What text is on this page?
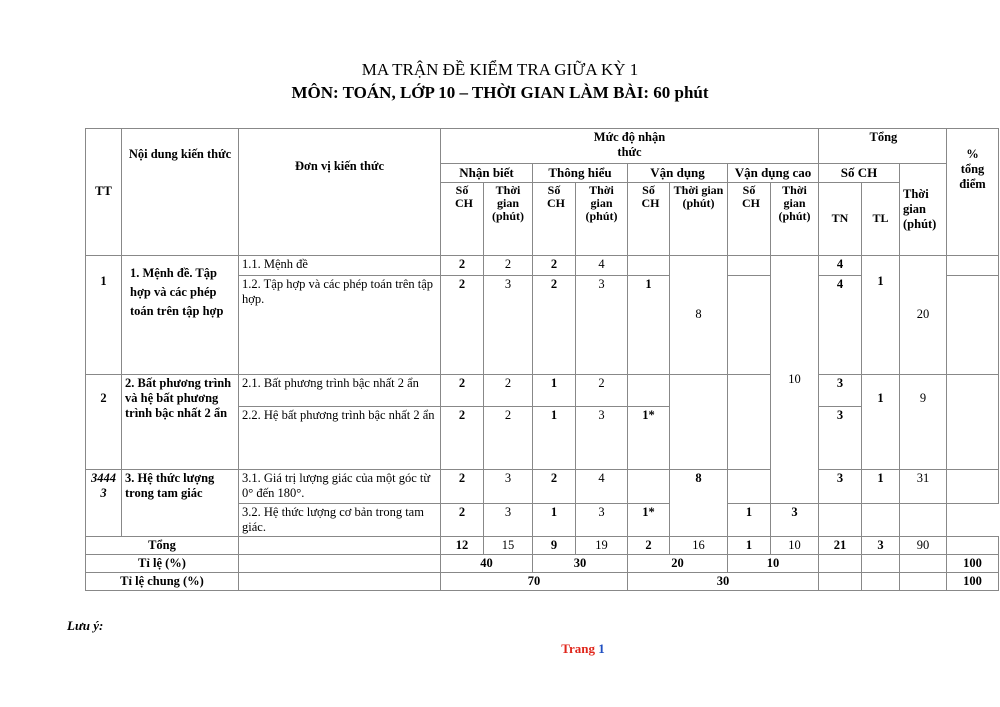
MA TRẬN ĐỀ KIỂM TRA GIỮA KỲ 1
MÔN: TOÁN, LỚP 10 – THỜI GIAN LÀM BÀI: 60 phút
TT	Nội dung kiến thức	Đơn vị kiến thức	Mức độ nhận thức								Tổng			% tổng điểm

			Nhận biết		Thông hiểu		Vận dụng		Vận dụng cao		Số CH		Thời gian (phút)	

			Số CH	Thời gian (phút)	Số CH	Thời gian (phút)	Số CH	Thời gian (phút)	Số CH	Thời gian (phút)	TN	TL		
1	1. Mệnh đề. Tập hợp và các phép toán trên tập hợp	1.1. Mệnh đề	2	2	2	4		8		10	4	1	20	
		1.2. Tập hợp và các phép toán trên tập hợp.	2	3	2	3	1				4			
2	2. Bất phương trình và hệ bất phương trình bậc nhất 2 ẩn	2.1. Bất phương trình bậc nhất 2 ẩn	2	2	1	2					3	1	9	
		2.2. Hệ bất phương trình bậc nhất 2 ẩn	2	2	1	3	1*				3			
3444 3	3. Hệ thức lượng trong tam giác	3.1. Giá trị lượng giác của một góc từ 0° đến 180°.	2	3	2	4		8			3	1	31	
		3.2. Hệ thức lượng cơ bản trong tam giác.	2	3	1	3	1*		1	3				
Tổng			12	15	9	19	2	16	1	10	21	3	90	
Tỉ lệ (%)			40		30		20		10					100
Tỉ lệ chung (%)			70				30							100
Lưu ý:
Trang 1
